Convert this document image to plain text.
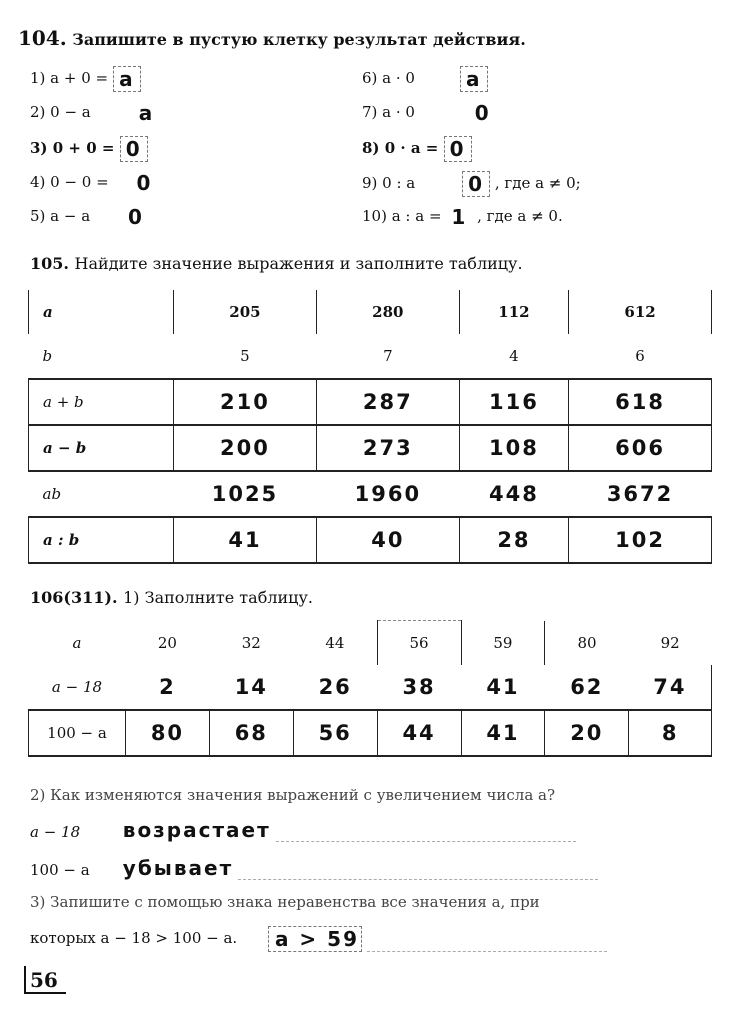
104. Запишите в пустую клетку результат действия.
1) a + 0 = a
2) 0 − a a
3) 0 + 0 = 0
4) 0 − 0 = 0
5) a − a 0
6) a · 0	a
7) a · 0	0
8) 0 · a = 0
9) 0 : a	0 , где a ≠ 0;
10) a : a = 1 , где a ≠ 0.
105. Найдите значение выражения и заполните таблицу.
a	205	280	112	612
b	5	7	4	6
a + b	210	287	116	618
a − b	200	273	108	606
ab	1025	1960	448	3672
a : b	41	40	28	102
106(311). 1) Заполните таблицу.
a	20	32	44	56	59	80	92
a − 18	2	14	26	38	41	62	74
100 − a	80	68	56	44	41	20	8
2) Как изменяются значения выражений с увеличением числа a?
a − 18 возрастает
100 − a убывает
3) Запишите с помощью знака неравенства все значения a, при
которых a − 18 > 100 − a. a > 59
56
